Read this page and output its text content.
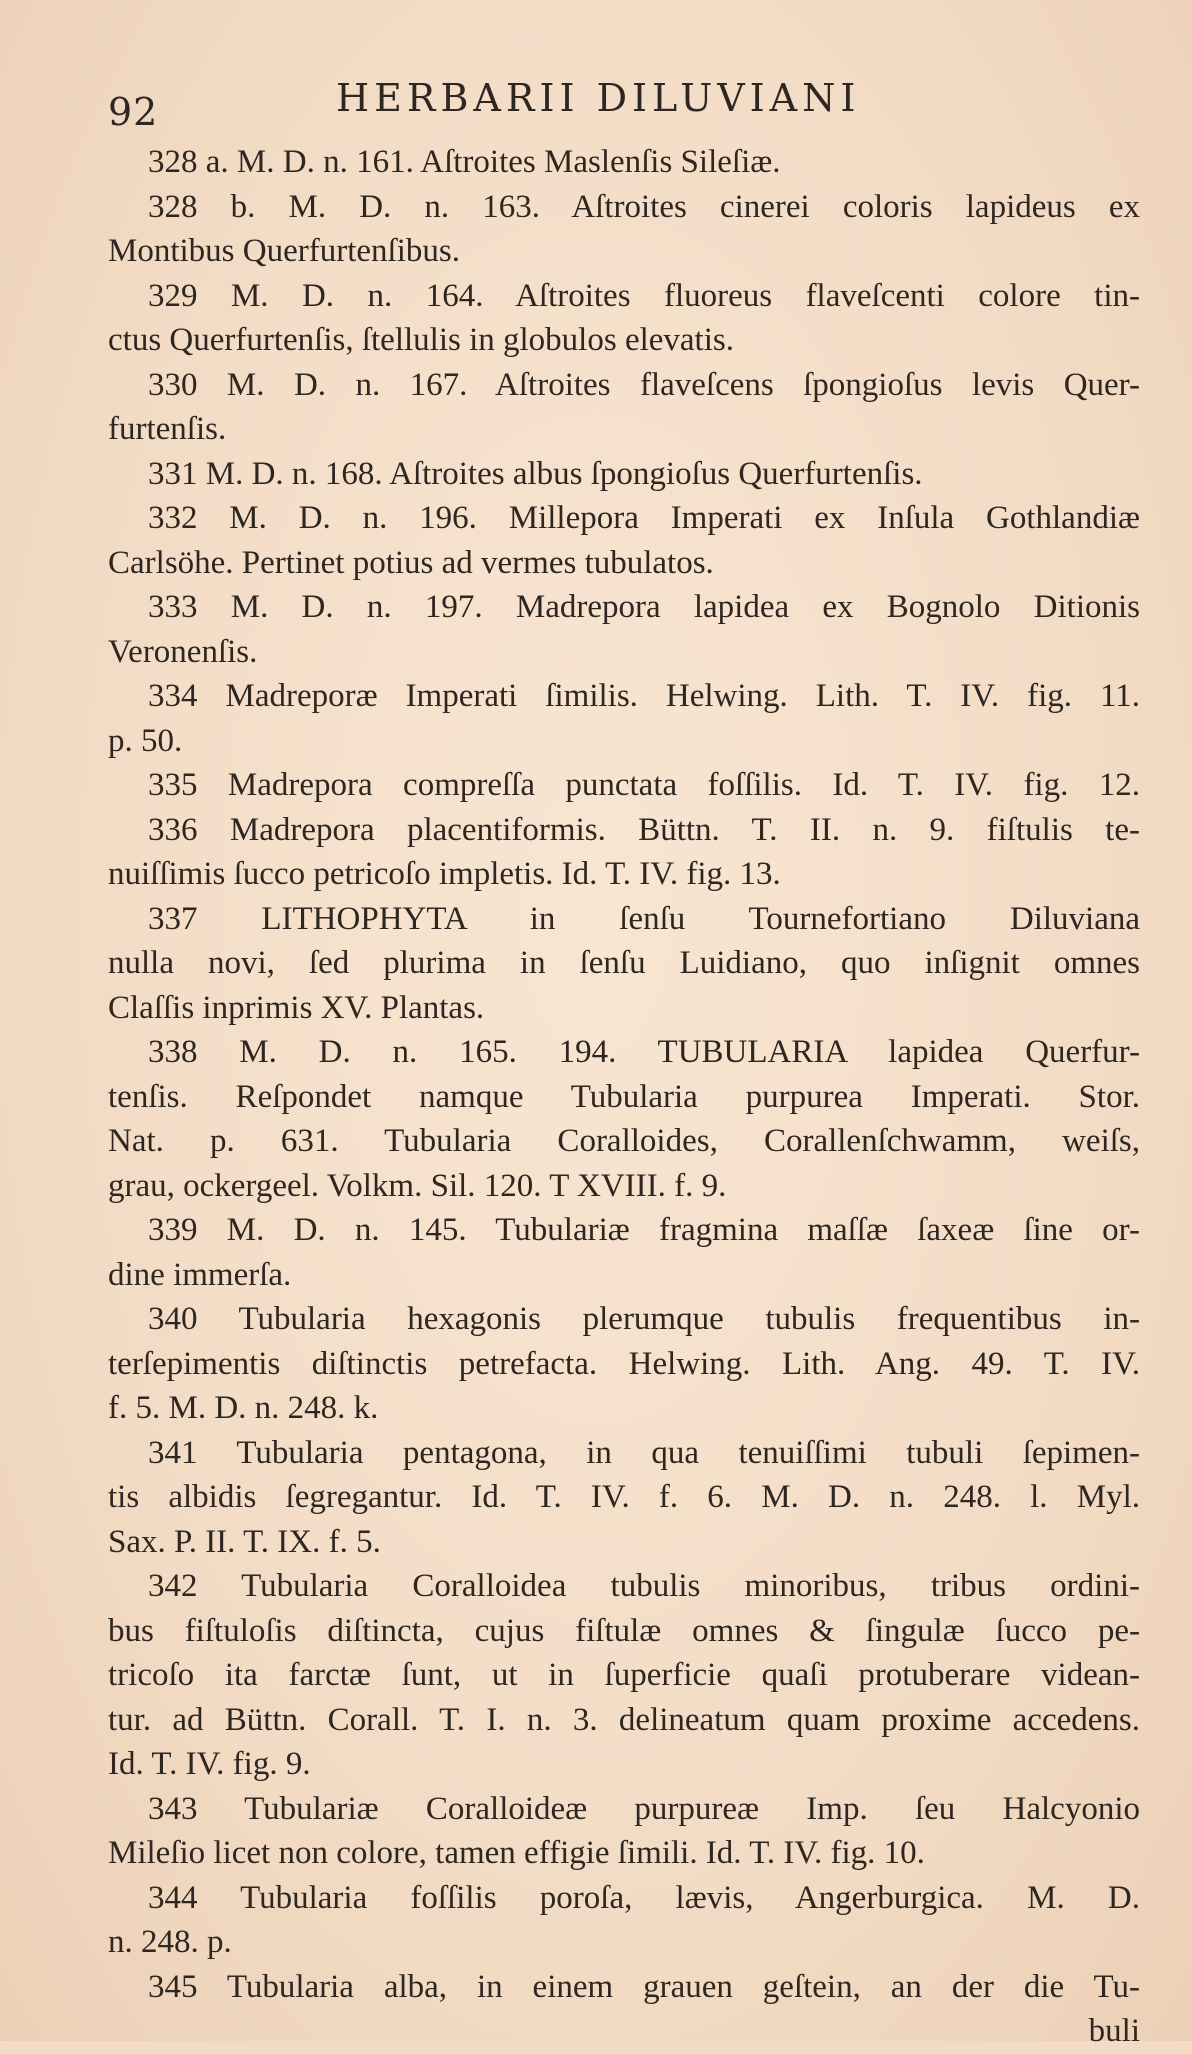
92	HERBARII DILUVIANI
328 a. M. D. n. 161. Aſtroites Maslenſis Sileſiæ.
328 b. M. D. n. 163. Aſtroites cinerei coloris lapideus ex
Montibus Querfurtenſibus.
329 M. D. n. 164. Aſtroites fluoreus flaveſcenti colore tin-
ctus Querfurtenſis, ſtellulis in globulos elevatis.
330 M. D. n. 167. Aſtroites flaveſcens ſpongioſus levis Quer-
furtenſis.
331 M. D. n. 168. Aſtroites albus ſpongioſus Querfurtenſis.
332 M. D. n. 196. Millepora Imperati ex Inſula Gothlandiæ
Carlsöhe. Pertinet potius ad vermes tubulatos.
333 M. D. n. 197. Madrepora lapidea ex Bognolo Ditionis
Veronenſis.
334 Madreporæ Imperati ſimilis. Helwing. Lith. T. IV. fig. 11.
p. 50.
335 Madrepora compreſſa punctata foſſilis. Id. T. IV. fig. 12.
336 Madrepora placentiformis. Büttn. T. II. n. 9. fiſtulis te-
nuiſſimis ſucco petricoſo impletis. Id. T. IV. fig. 13.
337 LITHOPHYTA in ſenſu Tournefortiano Diluviana
nulla novi, ſed plurima in ſenſu Luidiano, quo inſignit omnes
Claſſis inprimis XV. Plantas.
338 M. D. n. 165. 194. TUBULARIA lapidea Querfur-
tenſis. Reſpondet namque Tubularia purpurea Imperati. Stor.
Nat. p. 631. Tubularia Coralloides, Corallenſchwamm, weiſs,
grau, ockergeel. Volkm. Sil. 120. T XVIII. f. 9.
339 M. D. n. 145. Tubulariæ fragmina maſſæ ſaxeæ ſine or-
dine immerſa.
340 Tubularia hexagonis plerumque tubulis frequentibus in-
terſepimentis diſtinctis petrefacta. Helwing. Lith. Ang. 49. T. IV.
f. 5. M. D. n. 248. k.
341 Tubularia pentagona, in qua tenuiſſimi tubuli ſepimen-
tis albidis ſegregantur. Id. T. IV. f. 6. M. D. n. 248. l. Myl.
Sax. P. II. T. IX. f. 5.
342 Tubularia Coralloidea tubulis minoribus, tribus ordini-
bus fiſtuloſis diſtincta, cujus fiſtulæ omnes & ſingulæ ſucco pe-
tricoſo ita farctæ ſunt, ut in ſuperficie quaſi protuberare videan-
tur. ad Büttn. Corall. T. I. n. 3. delineatum quam proxime accedens.
Id. T. IV. fig. 9.
343 Tubulariæ Coralloideæ purpureæ Imp. ſeu Halcyonio
Mileſio licet non colore, tamen effigie ſimili. Id. T. IV. fig. 10.
344 Tubularia foſſilis poroſa, lævis, Angerburgica. M. D.
n. 248. p.
345 Tubularia alba, in einem grauen geſtein, an der die Tu-
buli
